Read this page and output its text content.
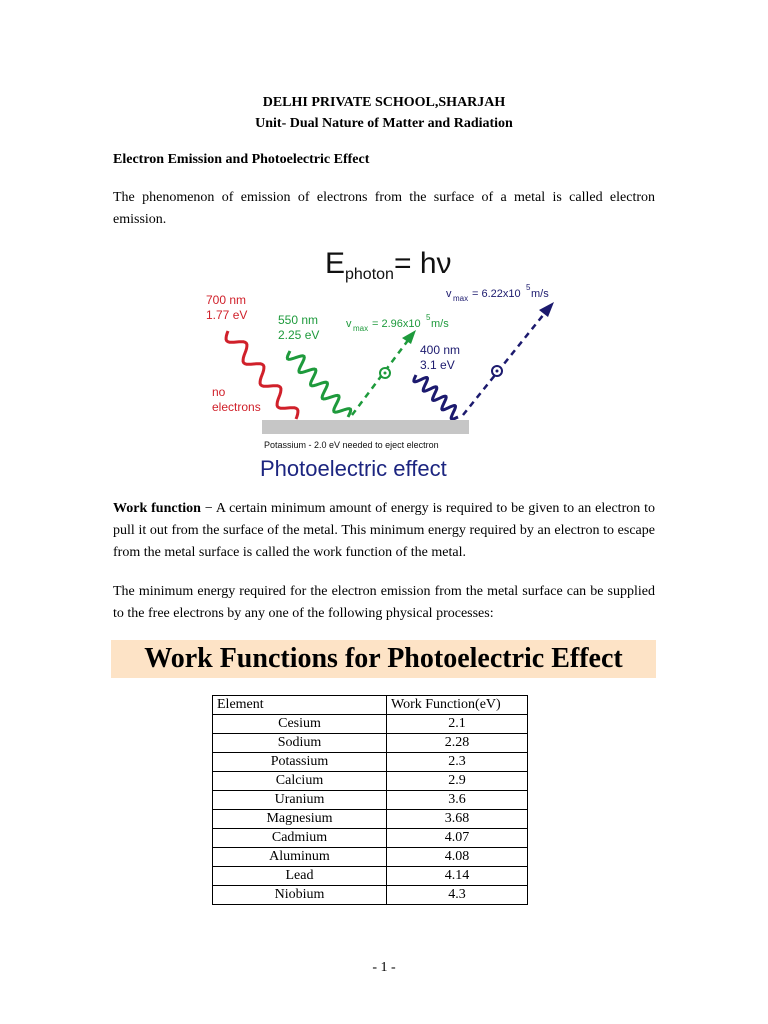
DELHI PRIVATE SCHOOL,SHARJAH
Unit- Dual Nature of Matter and Radiation
Electron Emission and Photoelectric Effect
The phenomenon of emission of electrons from the surface of a metal is called electron emission.
E photon = hν
700 nm
1.77 eV
no
electrons
550 nm
2.25 eV
v max = 2.96x10
5
m/s
400 nm
3.1 eV
v max = 6.22x10
5
m/s
Potassium - 2.0 eV needed to eject electron
Photoelectric effect
Work function − A certain minimum amount of energy is required to be given to an electron to pull it out from the surface of the metal. This minimum energy required by an electron to escape from the metal surface is called the work function of the metal.
The minimum energy required for the electron emission from the metal surface can be supplied to the free electrons by any one of the following physical processes:
Work Functions for Photoelectric Effect
Element	Work Function(eV)
Cesium	2.1
Sodium	2.28
Potassium	2.3
Calcium	2.9
Uranium	3.6
Magnesium	3.68
Cadmium	4.07
Aluminum	4.08
Lead	4.14
Niobium	4.3
- 1 -
